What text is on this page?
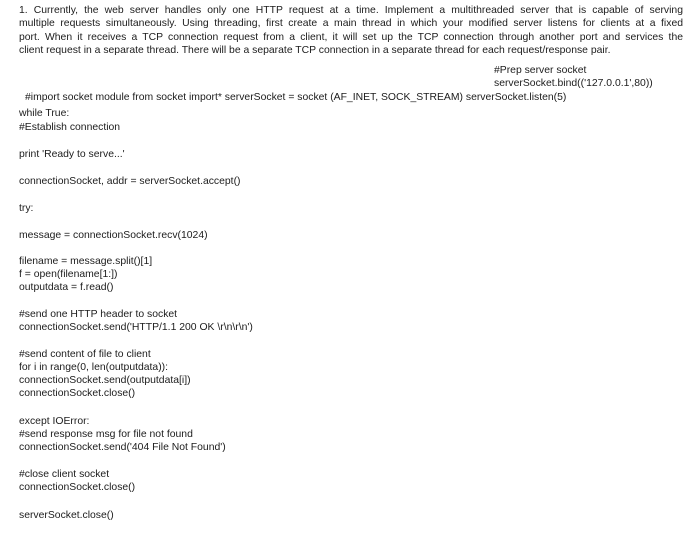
1. Currently, the web server handles only one HTTP request at a time. Implement a multithreaded server that is capable of serving
multiple requests simultaneously. Using threading, first create a main thread in which your modified server listens for clients at a fixed
port. When it receives a TCP connection request from a client, it will set up the TCP connection through another port and services the
client request in a separate thread. There will be a separate TCP connection in a separate thread for each request/response pair.
#Prep server socket
serverSocket.bind(('127.0.0.1',80))
#import socket module from socket import* serverSocket = socket (AF_INET, SOCK_STREAM) serverSocket.listen(5)
while True:
#Establish connection
print 'Ready to serve...'
connectionSocket, addr = serverSocket.accept()
try:
message = connectionSocket.recv(1024)
filename = message.split()[1]
f = open(filename[1:])
outputdata = f.read()
#send one HTTP header to socket
connectionSocket.send('HTTP/1.1 200 OK \r\n\r\n')
#send content of file to client
for i in range(0, len(outputdata)):
connectionSocket.send(outputdata[i])
connectionSocket.close()
except IOError:
#send response msg for file not found
connectionSocket.send('404 File Not Found')
#close client socket
connectionSocket.close()
serverSocket.close()
